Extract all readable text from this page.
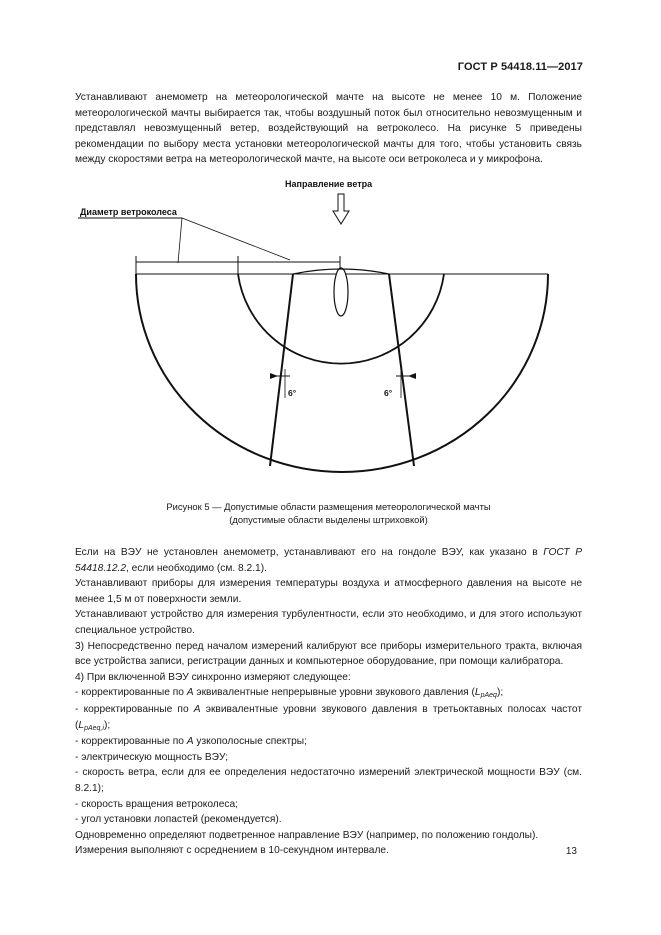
ГОСТ Р 54418.11—2017

Устанавливают анемометр на метеорологической мачте на высоте не менее 10 м. Положение метеорологической мачты выбирается так, чтобы воздушный поток был относительно невозмущенным и представлял невозмущенный ветер, воздействующий на ветроколесо. На рисунке 5 приведены рекомендации по выбору места установки метеорологической мачты для того, чтобы установить связь между скоростями ветра на метеорологической мачте, на высоте оси ветроколеса и у микрофона.

Направление ветра
Диаметр ветроколеса
6°	6°
Рисунок 5 — Допустимые области размещения метеорологической мачты
(допустимые области выделены штриховкой)

Если на ВЭУ не установлен анемометр, устанавливают его на гондоле ВЭУ, как указано в ГОСТ Р 54418.12.2, если необходимо (см. 8.2.1).

Устанавливают приборы для измерения температуры воздуха и атмосферного давления на высоте не менее 1,5 м от поверхности земли.

Устанавливают устройство для измерения турбулентности, если это необходимо, и для этого используют специальное устройство.

3) Непосредственно перед началом измерений калибруют все приборы измерительного тракта, включая все устройства записи, регистрации данных и компьютерное оборудование, при помощи калибратора.

4) При включенной ВЭУ синхронно измеряют следующее:

- корректированные по A эквивалентные непрерывные уровни звукового давления (LpAeq);

- корректированные по A эквивалентные уровни звукового давления в третьоктавных полосах частот (LpAeq,i);

- корректированные по A узкополосные спектры;

- электрическую мощность ВЭУ;

- скорость ветра, если для ее определения недостаточно измерений электрической мощности ВЭУ (см. 8.2.1);

- скорость вращения ветроколеса;

- угол установки лопастей (рекомендуется).

Одновременно определяют подветренное направление ВЭУ (например, по положению гондолы).

Измерения выполняют с осреднением в 10-секундном интервале.	13
